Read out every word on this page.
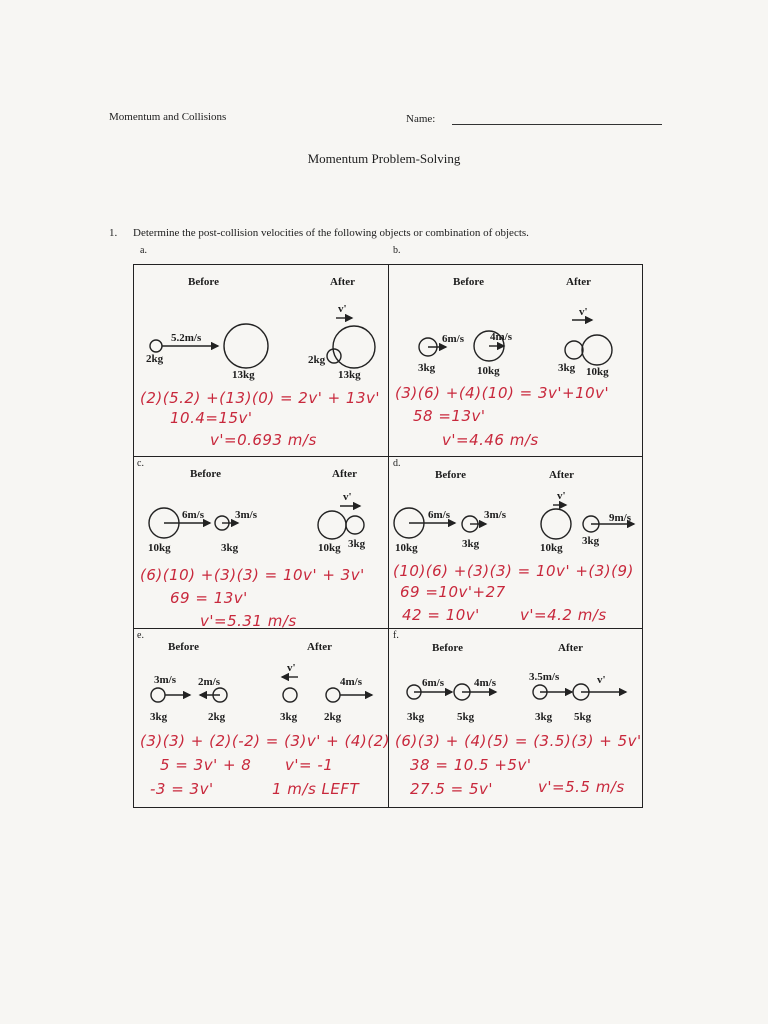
Momentum and Collisions	Name:
Momentum Problem-Solving
1. Determine the post-collision velocities of the following objects or combination of objects.
a.	b.
c.	d.
e.	f.
Before	After	Before	After
Before	After	Before	After
Before	After	Before	After
5.2m/s
2kg
13kg
2kg
13kg
v'
6m/s 4m/s
3kg	10kg	3kg 10kg
v'
6m/s	3m/s
10kg	3kg	10kg 3kg
v'
6m/s	3m/s	9m/s
10kg	3kg	10kg
3kg
v'
3m/s 2m/s	4m/s
3kg	2kg	3kg 2kg
v'
6m/s	4m/s	3.5m/s
3kg	5kg	3kg 5kg
v'
(2)(5.2) +(13)(0) = 2v' + 13v'
10.4=15v'
v'=0.693 m/s
(3)(6) +(4)(10) = 3v'+10v'
58 =13v'
v'=4.46 m/s
(6)(10) +(3)(3) = 10v' + 3v'
69 = 13v'
v'=5.31 m/s
(10)(6) +(3)(3) = 10v' +(3)(9)
69 =10v'+27
42 = 10v'	v'=4.2 m/s
(3)(3) + (2)(-2) = (3)v' + (4)(2)
5 = 3v' + 8
-3 = 3v'
v'= -1
1 m/s LEFT
(6)(3) + (4)(5) = (3.5)(3) + 5v'
38 = 10.5 +5v'
27.5 = 5v'	v'=5.5 m/s
